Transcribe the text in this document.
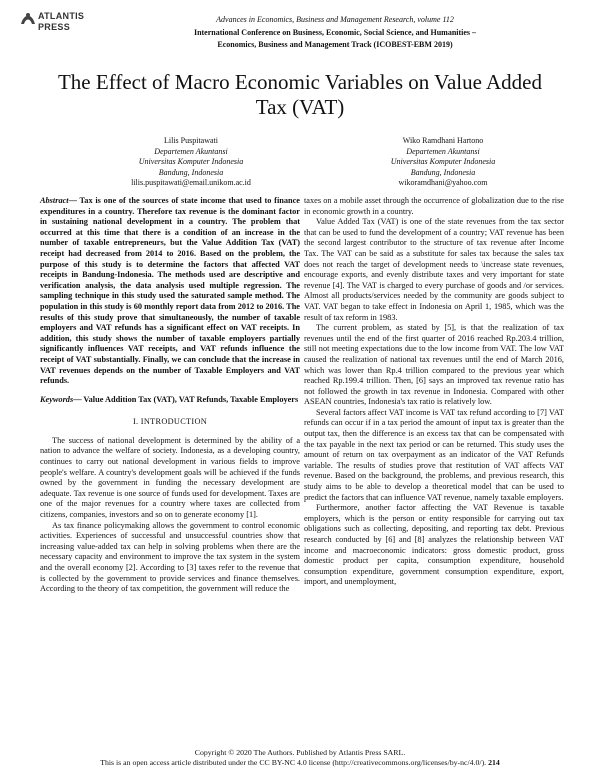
ATLANTIS
PRESS
Advances in Economics, Business and Management Research, volume 112
International Conference on Business, Economic, Social Science, and Humanities –
Economics, Business and Management Track (ICOBEST-EBM 2019)
The Effect of Macro Economic Variables on Value Added Tax (VAT)
Lilis Puspitawati
Departemen Akuntansi
Universitas Komputer Indonesia
Bandung, Indonesia
lilis.puspitawati@email.unikom.ac.id
Wiko Ramdhani Hartono
Departemen Akuntansi
Universitas Komputer Indonesia
Bandung, Indonesia
wikoramdhani@yahoo.com

Abstract— Tax is one of the sources of state income that used to finance expenditures in a country. Therefore tax revenue is the dominant factor in sustaining national development in a country. The problem that occurred at this time that there is a condition of an increase in the number of taxable entrepreneurs, but the Value Addition Tax (VAT) receipt had decreased from 2014 to 2016. Based on the problem, the purpose of this study is to determine the factors that affected VAT receipts in Bandung-Indonesia. The methods used are descriptive and verification analysis, the data analysis used multiple regression. The sampling technique in this study used the saturated sample method. The population in this study is 60 monthly report data from 2012 to 2016. The results of this study prove that simultaneously, the number of taxable employers and VAT refunds has a significant effect on VAT receipts. In addition, this study shows the number of taxable employers partially significantly influences VAT receipts, and VAT refunds influence the receipt of VAT substantially. Finally, we can conclude that the increase in VAT revenues depends on the number of Taxable Employers and VAT refunds.

Keywords— Value Addition Tax (VAT), VAT Refunds, Taxable Employers

I. INTRODUCTION

The success of national development is determined by the ability of a nation to advance the welfare of society. Indonesia, as a developing country, continues to carry out national development in various fields to improve people's welfare. A country's development goals will be achieved if the funds owned by the government in funding the necessary development are adequate. Tax revenue is one source of funds used for development. Taxes are one of the major revenues for a country where taxes are collected from citizens, companies, investors and so on to generate economy [1].

As tax finance policymaking allows the government to control economic activities. Experiences of successful and unsuccessful countries show that increasing value-added tax can help in solving problems when there are the necessary capacity and environment to improve the tax system in the system and the overall economy [2]. According to [3] taxes refer to the revenue that is collected by the government to provide services and finance themselves. According to the theory of tax competition, the government will reduce the

taxes on a mobile asset through the occurrence of globalization due to the rise in economic growth in a country.

Value Added Tax (VAT) is one of the state revenues from the tax sector that can be used to fund the development of a country; VAT revenue has been the second largest contributor to the structure of tax revenue after Income Tax. The VAT can be said as a substitute for sales tax because the sales tax does not reach the target of development needs to \increase state revenues, encourage exports, and evenly distribute taxes and very important for state revenue [4]. The VAT is charged to every purchase of goods and /or services. Almost all products/services needed by the community are goods subject to VAT. VAT began to take effect in Indonesia on April 1, 1985, which was the result of tax reform in 1983.

The current problem, as stated by [5], is that the realization of tax revenues until the end of the first quarter of 2016 reached Rp.203.4 trillion, still not meeting expectations due to the low income from VAT. The low VAT caused the realization of national tax revenues until the end of March 2016, which was lower than Rp.4 trillion compared to the previous year which reached Rp.199.4 trillion. Then, [6] says an improved tax revenue ratio has not followed the growth in tax revenue in Indonesia. Compared with other ASEAN countries, Indonesia's tax ratio is relatively low.

Several factors affect VAT income is VAT tax refund according to [7] VAT refunds can occur if in a tax period the amount of input tax is greater than the output tax, then the difference is an excess tax that can be compensated with the tax payable in the next tax period or can be returned. This study uses the amount of return on tax overpayment as an indicator of the VAT Refunds variable. The results of studies prove that restitution of VAT affects VAT revenue. Based on the background, the problems, and previous research, this study aims to be able to develop a theoretical model that can be used to predict the factors that can influence VAT revenue, namely taxable employers.

Furthermore, another factor affecting the VAT Revenue is taxable employers, which is the person or entity responsible for carrying out tax obligations such as collecting, depositing, and reporting tax debt. Previous research conducted by [6] and [8] analyzes the relationship between VAT income and macroeconomic indicators: gross domestic product, gross domestic product per capita, consumption expenditure, household consumption expenditure, government consumption expenditure, export, import, and unemployment,

Copyright © 2020 The Authors. Published by Atlantis Press SARL.
This is an open access article distributed under the CC BY-NC 4.0 license (http://creativecommons.org/licenses/by-nc/4.0/). 214
